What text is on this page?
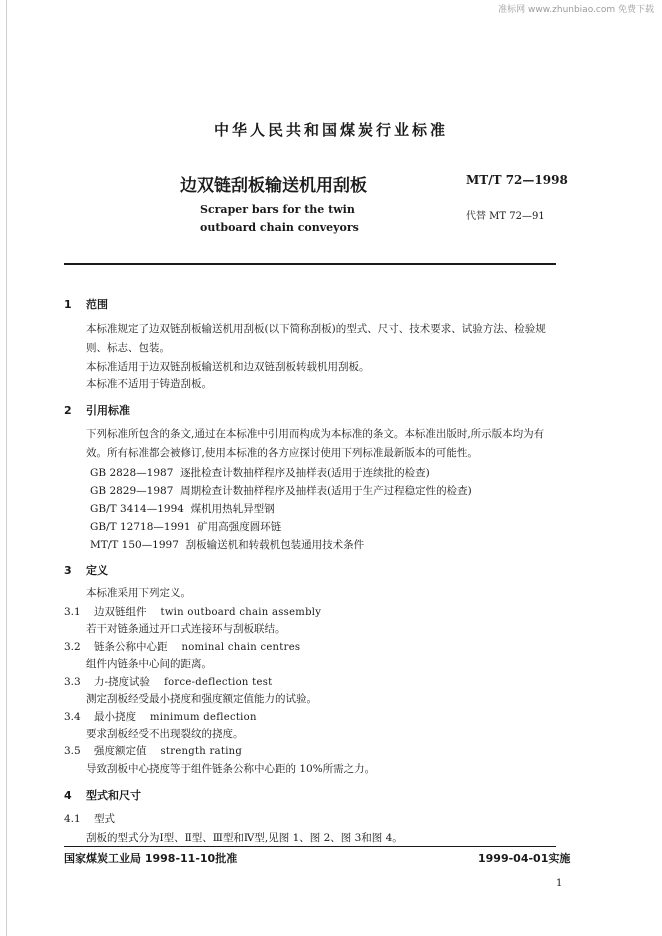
准标网 www.zhunbiao.com 免费下载
中华人民共和国煤炭行业标准
边双链刮板输送机用刮板	MT/T 72—1998
Scraper bars for the twin
outboard chain conveyors
代替 MT 72—91
1 范围
本标准规定了边双链刮板输送机用刮板(以下简称刮板)的型式、尺寸、技术要求、试验方法、检验规则、标志、包装。
本标准适用于边双链刮板输送机和边双链刮板转载机用刮板。
本标准不适用于铸造刮板。
2 引用标准
下列标准所包含的条文,通过在本标准中引用而构成为本标准的条文。本标准出版时,所示版本均为有效。所有标准都会被修订,使用本标准的各方应探讨使用下列标准最新版本的可能性。
GB 2828—1987 逐批检查计数抽样程序及抽样表(适用于连续批的检查)
GB 2829—1987 周期检查计数抽样程序及抽样表(适用于生产过程稳定性的检查)
GB/T 3414—1994 煤机用热轧异型钢
GB/T 12718—1991 矿用高强度圆环链
MT/T 150—1997 刮板输送机和转载机包装通用技术条件
3 定义
本标准采用下列定义。
3.1 边双链组件 twin outboard chain assembly
若干对链条通过开口式连接环与刮板联结。
3.2 链条公称中心距 nominal chain centres
组件内链条中心间的距离。
3.3 力-挠度试验 force-deflection test
测定刮板经受最小挠度和强度额定值能力的试验。
3.4 最小挠度 minimum deflection
要求刮板经受不出现裂纹的挠度。
3.5 强度额定值 strength rating
导致刮板中心挠度等于组件链条公称中心距的 10%所需之力。
4 型式和尺寸
4.1 型式
刮板的型式分为Ⅰ型、Ⅱ型、Ⅲ型和Ⅳ型,见图 1、图 2、图 3和图 4。
国家煤炭工业局 1998-11-10批准	1999-04-01实施
1
